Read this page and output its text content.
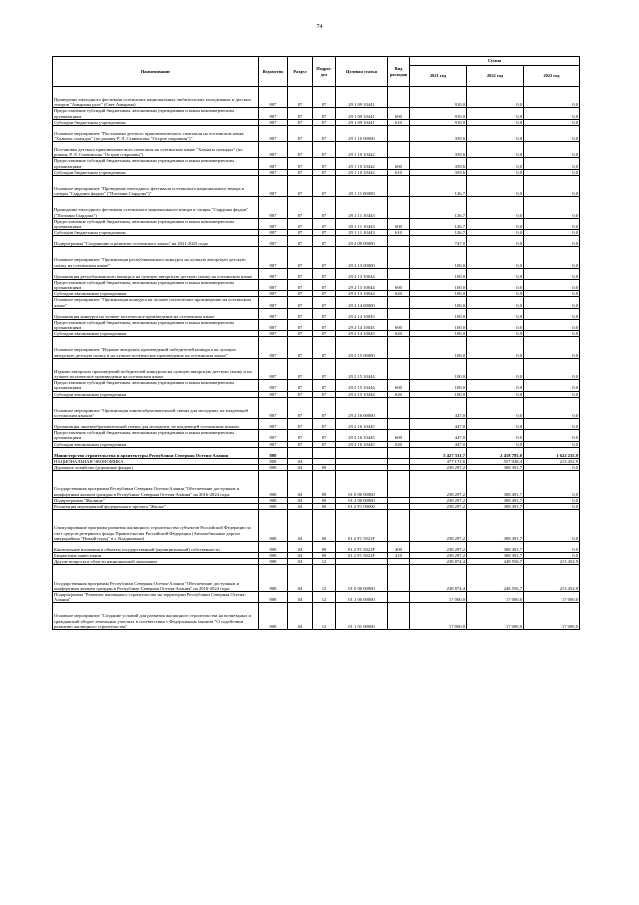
74
Наименование	Ведомство	Раздел	Подраз-дел	Целевая статья	Вид расходов	Сумма		
						2021 год	2022 год	2023 год
Проведение ежегодного фестиваля осетинских национальных любительских молодежных и детских театров "Амыраны рухс" (Свет Амырана)	807	07	07	29 1 09 10441		910,0	0,0	0,0
Предоставление субсидий бюджетным, автономным учреждениям и иным некоммерческим организациям	807	07	07	29 1 09 10441	600	910,0	0,0	0,0
Субсидии бюджетным учреждениям	807	07	07	29 1 09 10441	610	910,0	0,0	0,0
Основное мероприятие "Постановка детского приключенческого спектакля на осетинском языке "Хазнаты сахъядах" (по роману Р. Л. Стивенсона "Остров сокровищ")"	807	07	07	29 1 10 00000		359,6	0,0	0,0
Постановка детского приключенческого спектакля на осетинском языке "Хазнаты сахъядах" (по роману Р. Л. Стивенсона "Остров сокровищ")	807	07	07	29 1 10 10442		359,6	0,0	0,0
Предоставление субсидий бюджетным, автономным учреждениям и иным некоммерческим организациям	807	07	07	29 1 10 10442	600	359,6	0,0	0,0
Субсидии бюджетным учреждениям	807	07	07	29 1 10 10442	610	359,6	0,0	0,0
Основное мероприятие "Проведение ежегодного фестиваля осетинского национального юмора и сатиры "Сырдоны фыдон" ("Потомки Сырдона")"	807	07	07	29 1 11 00000		126,7	0,0	0,0
Проведение ежегодного фестиваля осетинского национального юмора и сатиры "Сырдоны фыдон" ("Потомки Сырдона")	807	07	07	29 1 11 10443		126,7	0,0	0,0
Предоставление субсидий бюджетным, автономным учреждениям и иным некоммерческим организациям	807	07	07	29 1 11 10443	600	126,7	0,0	0,0
Субсидии бюджетным учреждениям	807	07	07	29 1 11 10443	610	126,7	0,0	0,0
Подпрограмма "Сохранение и развитие осетинского языка" на 2021-2025 годы	807	07	07	29 2 00 00000		747,0	0,0	0,0
Основное мероприятие "Организация республиканского конкурса на лучшую авторскую детскую сказку на осетинском языке"	807	07	07	29 2 13 00000		100,0	0,0	0,0
Организация республиканского конкурса на лучшую авторскую детскую сказку на осетинском языке	807	07	07	29 2 13 10044		100,0	0,0	0,0
Предоставление субсидий бюджетным, автономным учреждениям и иным некоммерческим организациям	807	07	07	29 2 13 10044	600	100,0	0,0	0,0
Субсидии автономным учреждениям	807	07	07	29 2 13 10044	620	100,0	0,0	0,0
Основное мероприятие "Организация конкурса на лучшее поэтическое произведение на осетинском языке"	807	07	07	29 2 14 00000		100,0	0,0	0,0
Организация конкурса на лучшее поэтическое произведение на осетинском языке	807	07	07	29 2 14 10045		100,0	0,0	0,0
Предоставление субсидий бюджетным, автономным учреждениям и иным некоммерческим организациям	807	07	07	29 2 14 10045	600	100,0	0,0	0,0
Субсидии автономным учреждениям	807	07	07	29 2 14 10045	620	100,0	0,0	0,0
Основное мероприятие "Издание авторских произведений победителей конкурса на лучшую авторскую детскую сказку и на лучшее поэтическое произведение на осетинском языке"	807	07	07	29 2 15 00000		100,0	0,0	0,0
Издание авторских произведений победителей конкурсов на лучшую авторскую детскую сказку и на лучшее поэтическое произведение на осетинском языке	807	07	07	29 2 15 10444		100,0	0,0	0,0
Предоставление субсидий бюджетным, автономным учреждениям и иным некоммерческим организациям	807	07	07	29 2 15 10444	600	100,0	0,0	0,0
Субсидии автономным учреждениям	807	07	07	29 2 15 10444	620	100,0	0,0	0,0
Основное мероприятие "Организация лингвообразовательной смены для молодежи, не владеющей осетинским языком"	807	07	07	29 2 16 00000		447,0	0,0	0,0
Организация лингвообразовательной смены для молодежи, не владеющей осетинским языком	807	07	07	29 2 16 10445		447,0	0,0	0,0
Предоставление субсидий бюджетным, автономным учреждениям и иным некоммерческим организациям	807	07	07	29 2 16 10445	600	447,0	0,0	0,0
Субсидии автономным учреждениям	807	07	07	29 2 16 10445	620	447,0	0,0	0,0
Министерство строительства и архитектуры Республики Северная Осетия-Алания	808					5 427 331,7	2 418 785,0	1 622 235,9
НАЦИОНАЛЬНАЯ ЭКОНОМИКА	808	04				477 171,6	557 048,4	213 452,9
Дорожное хозяйство (дорожные фонды)	808	04	09			238 297,2	308 491,7	0,0
Государственная программа Республики Северная Осетия-Алания "Обеспечение доступным и комфортным жильем граждан в Республике Северная Осетия-Алания" на 2016-2024 годы	808	04	09	01 0 00 00000		238 297,2	308 491,7	0,0
Подпрограмма "Жилище"	808	04	09	01 2 00 00000		238 297,2	308 491,7	0,0
Реализация мероприятий федерального проекта "Жилье"	808	04	09	01 2 F1 00000		238 297,2	308 491,7	0,0
Стимулирование программ развития жилищного строительства субъектов Российской Федерации за счет средств резервного фонда Правительства Российской Федерации (Автомобильные дороги микрорайона "Новый город" в г. Владикавказ)	808	04	09	01 2 F1 5021F		238 297,2	308 491,7	0,0
Капитальные вложения в объекты государственной (муниципальной) собственности	808	04	09	01 2 F1 5021F	400	238 297,2	308 491,7	0,0
Бюджетные инвестиции	808	04	09	01 2 F1 5021F	410	238 297,2	308 491,7	0,0
Другие вопросы в области национальной экономики	808	04	12			238 874,4	248 556,7	213 452,9
Государственная программа Республики Северная Осетия-Алания "Обеспечение доступным и комфортным жильем граждан в Республике Северная Осетия-Алания" на 2016-2024 годы	808	04	12	01 0 00 00000		238 874,4	248 556,7	213 452,9
Подпрограмма "Развитие жилищного строительства на территории Республики Северная Осетия-Алания"	808	04	12	01 1 00 00000		17 000,0	17 000,0	17 000,0
Основное мероприятие "Создание условий для развития жилищного строительства на возмездных и гражданский оборот земельных участках в соответствии с Федеральным законом "О содействии развитию жилищного строительства"	808	04	12	01 1 01 00000		17 000,0	17 000,0	17 000,0
